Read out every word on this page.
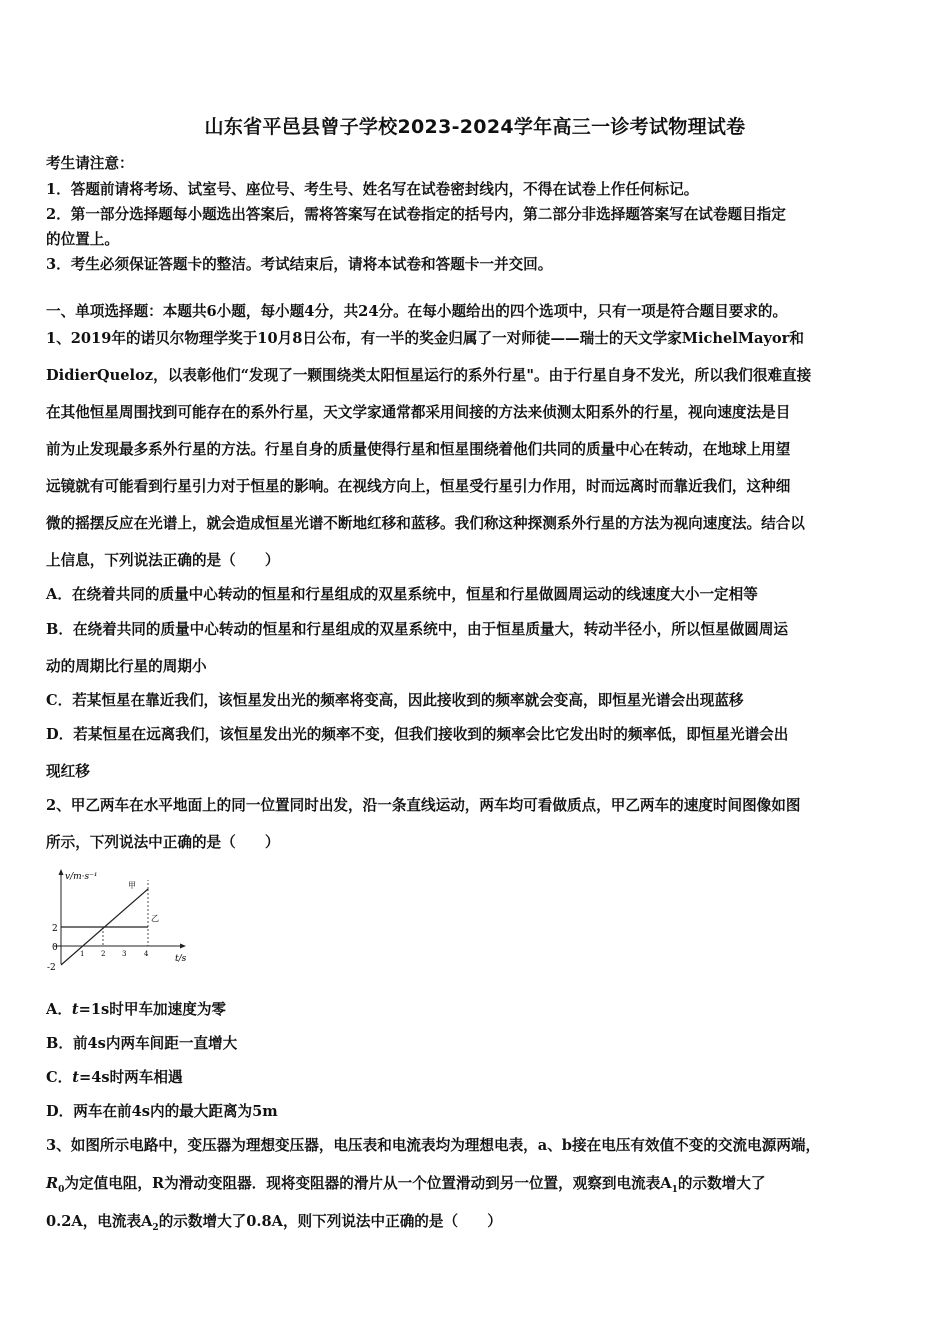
山东省平邑县曾子学校2023-2024学年高三一诊考试物理试卷
考生请注意：
1．答题前请将考场、试室号、座位号、考生号、姓名写在试卷密封线内，不得在试卷上作任何标记。
2．第一部分选择题每小题选出答案后，需将答案写在试卷指定的括号内，第二部分非选择题答案写在试卷题目指定
的位置上。
3．考生必须保证答题卡的整洁。考试结束后，请将本试卷和答题卡一并交回。
一、单项选择题：本题共6小题，每小题4分，共24分。在每小题给出的四个选项中，只有一项是符合题目要求的。
1、2019年的诺贝尔物理学奖于10月8日公布，有一半的奖金归属了一对师徒——瑞士的天文学家MichelMayor和
DidierQueloz，以表彰他们“发现了一颗围绕类太阳恒星运行的系外行星"。由于行星自身不发光，所以我们很难直接
在其他恒星周围找到可能存在的系外行星，天文学家通常都采用间接的方法来侦测太阳系外的行星，视向速度法是目
前为止发现最多系外行星的方法。行星自身的质量使得行星和恒星围绕着他们共同的质量中心在转动，在地球上用望
远镜就有可能看到行星引力对于恒星的影响。在视线方向上，恒星受行星引力作用，时而远离时而靠近我们，这种细
微的摇摆反应在光谱上，就会造成恒星光谱不断地红移和蓝移。我们称这种探测系外行星的方法为视向速度法。结合以
上信息，下列说法正确的是（　　）
A．在绕着共同的质量中心转动的恒星和行星组成的双星系统中，恒星和行星做圆周运动的线速度大小一定相等
B．在绕着共同的质量中心转动的恒星和行星组成的双星系统中，由于恒星质量大，转动半径小，所以恒星做圆周运
动的周期比行星的周期小
C．若某恒星在靠近我们，该恒星发出光的频率将变高，因此接收到的频率就会变高，即恒星光谱会出现蓝移
D．若某恒星在远离我们，该恒星发出光的频率不变，但我们接收到的频率会比它发出时的频率低，即恒星光谱会出
现红移
2、甲乙两车在水平地面上的同一位置同时出发，沿一条直线运动，两车均可看做质点，甲乙两车的速度时间图像如图
所示，下列说法中正确的是（　　）
v/m·s⁻¹
t/s
2
0
-2
1 2 3	4
甲
乙
A．t=1s时甲车加速度为零
B．前4s内两车间距一直增大
C．t=4s时两车相遇
D．两车在前4s内的最大距离为5m
3、如图所示电路中，变压器为理想变压器，电压表和电流表均为理想电表，a、b接在电压有效值不变的交流电源两端，
$R_0$为定值电阻，R为滑动变阻器．现将变阻器的滑片从一个位置滑动到另一位置，观察到电流表$A_1$的示数增大了
0.2A，电流表$A_2$的示数增大了0.8A，则下列说法中正确的是（　　）
